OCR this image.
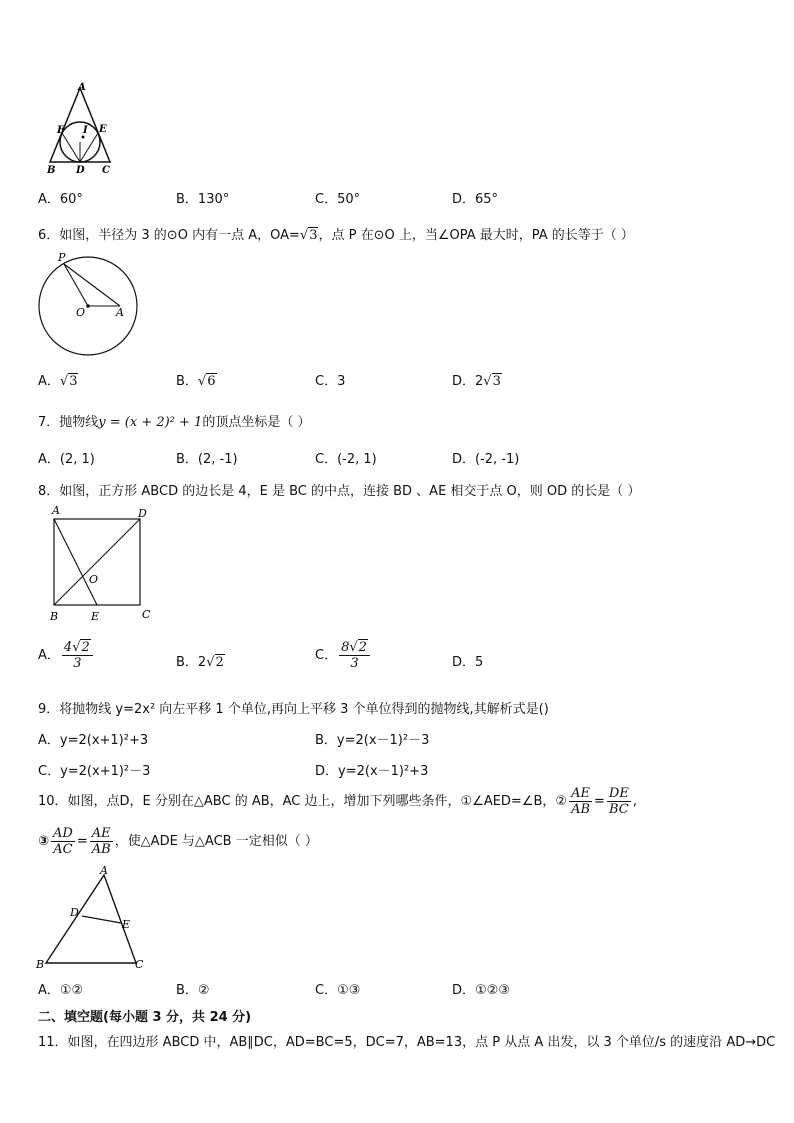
A
F I E
B D C
A．60°	B．130°	C．50°	D．65°
6．如图，半径为 3 的⊙O 内有一点 A，OA=√3，点 P 在⊙O 上，当∠OPA 最大时，PA 的长等于（ ）
P
O	A
A．√3	B．√6	C．3	D．2√3
7．抛物线y = (x + 2)² + 1的顶点坐标是（ ）
A．(2, 1)	B．(2, -1)	C．(-2, 1)	D．(-2, -1)
8．如图，正方形 ABCD 的边长是 4，E 是 BC 的中点，连接 BD 、AE 相交于点 O，则 OD 的长是（ ）
A	D
O
B	E	C
A． $\frac{4√2}{3}$	B．2√2	C． $\frac{8√2}{3}$	D．5
9．将抛物线 y=2x² 向左平移 1 个单位,再向上平移 3 个单位得到的抛物线,其解析式是()
A．y=2(x+1)²+3	B．y=2(x－1)²－3
C．y=2(x+1)²－3	D．y=2(x－1)²+3
10．如图，点D，E 分别在△ABC 的 AB，AC 边上，增加下列哪些条件，①∠AED=∠B，② $\frac{AE}{AB} = \frac{DE}{BC}$ ,
③ $\frac{AD}{AC} = \frac{AE}{AB}$ ，使△ADE 与△ACB 一定相似（ ）
A
D
E
B	C
A．①②	B．②	C．①③	D．①②③
二、填空题(每小题 3 分，共 24 分)
11．如图，在四边形 ABCD 中，AB∥DC，AD=BC=5，DC=7，AB=13，点 P 从点 A 出发，以 3 个单位/s 的速度沿 AD→DC
